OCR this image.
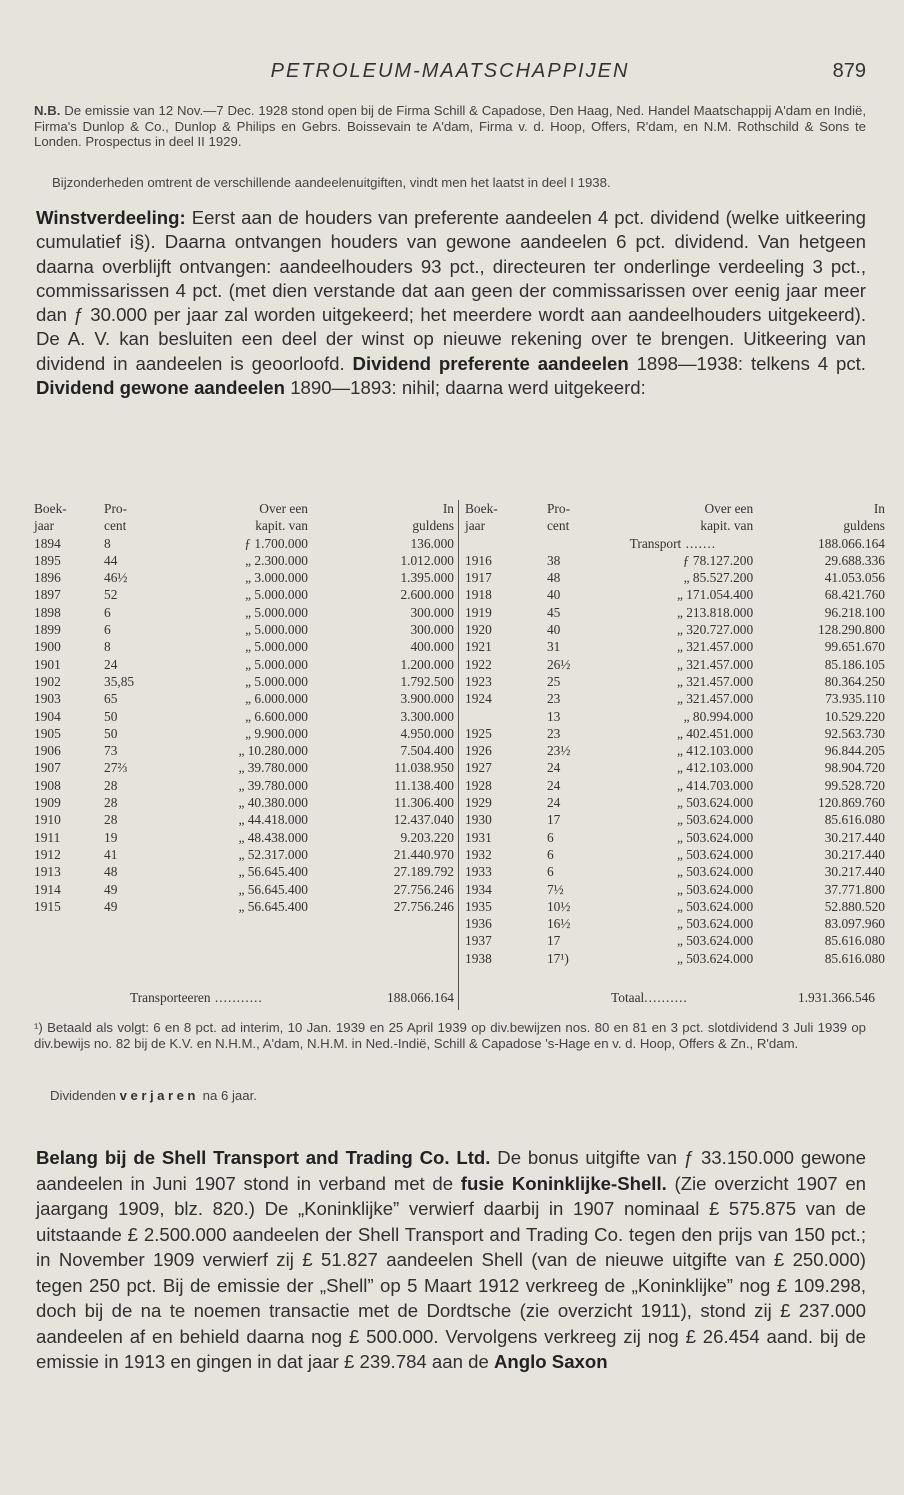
PETROLEUM-MAATSCHAPPIJEN	879

N.B. De emissie van 12 Nov.—7 Dec. 1928 stond open bij de Firma Schill & Capadose, Den Haag, Ned. Handel Maatschappij A'dam en Indië, Firma's Dunlop & Co., Dunlop & Philips en Gebrs. Boissevain te A'dam, Firma v. d. Hoop, Offers, R'dam, en N.M. Rothschild & Sons te Londen. Prospectus in deel II 1929.

Bijzonderheden omtrent de verschillende aandeelenuitgiften, vindt men het laatst in deel I 1938.

Winstverdeeling: Eerst aan de houders van preferente aandeelen 4 pct. dividend (welke uitkeering cumulatief i§). Daarna ontvangen houders van gewone aandeelen 6 pct. dividend. Van hetgeen daarna overblijft ontvangen: aandeelhouders 93 pct., directeuren ter onderlinge verdeeling 3 pct., commissarissen 4 pct. (met dien verstande dat aan geen der commissarissen over eenig jaar meer dan ƒ 30.000 per jaar zal worden uitgekeerd; het meerdere wordt aan aandeelhouders uitgekeerd). De A. V. kan besluiten een deel der winst op nieuwe rekening over te brengen. Uitkeering van dividend in aandeelen is geoorloofd. Dividend preferente aandeelen 1898—1938: telkens 4 pct. Dividend gewone aandeelen 1890—1893: nihil; daarna werd uitgekeerd:

Boek-	Pro-	Over een	In
jaar	cent	kapit. van	guldens
1894	8	ƒ 1.700.000	136.000
1895	44	„ 2.300.000	1.012.000
1896	46½	„ 3.000.000	1.395.000
1897	52	„ 5.000.000	2.600.000
1898	6	„ 5.000.000	300.000
1899	6	„ 5.000.000	300.000
1900	8	„ 5.000.000	400.000
1901	24	„ 5.000.000	1.200.000
1902	35,85	„ 5.000.000	1.792.500
1903	65	„ 6.000.000	3.900.000
1904	50	„ 6.600.000	3.300.000
1905	50	„ 9.900.000	4.950.000
1906	73	„ 10.280.000	7.504.400
1907	27⅔	„ 39.780.000	11.038.950
1908	28	„ 39.780.000	11.138.400
1909	28	„ 40.380.000	11.306.400
1910	28	„ 44.418.000	12.437.040
1911	19	„ 48.438.000	9.203.220
1912	41	„ 52.317.000	21.440.970
1913	48	„ 56.645.400	27.189.792
1914	49	„ 56.645.400	27.756.246
1915	49	„ 56.645.400	27.756.246
Transporteeren ...........	188.066.164
Boek-	Pro-	Over een	In
jaar	cent	kapit. van	guldens
		Transport .......	188.066.164
1916	38	ƒ 78.127.200	29.688.336
1917	48	„ 85.527.200	41.053.056
1918	40	„ 171.054.400	68.421.760
1919	45	„ 213.818.000	96.218.100
1920	40	„ 320.727.000	128.290.800
1921	31	„ 321.457.000	99.651.670
1922	26½	„ 321.457.000	85.186.105
1923	25	„ 321.457.000	80.364.250
1924	23	„ 321.457.000	73.935.110
	13	„ 80.994.000	10.529.220
1925	23	„ 402.451.000	92.563.730
1926	23½	„ 412.103.000	96.844.205
1927	24	„ 412.103.000	98.904.720
1928	24	„ 414.703.000	99.528.720
1929	24	„ 503.624.000	120.869.760
1930	17	„ 503.624.000	85.616.080
1931	6	„ 503.624.000	30.217.440
1932	6	„ 503.624.000	30.217.440
1933	6	„ 503.624.000	30.217.440
1934	7½	„ 503.624.000	37.771.800
1935	10½	„ 503.624.000	52.880.520
1936	16½	„ 503.624.000	83.097.960
1937	17	„ 503.624.000	85.616.080
1938	17¹)	„ 503.624.000	85.616.080
Totaal..........	1.931.366.546

¹) Betaald als volgt: 6 en 8 pct. ad interim, 10 Jan. 1939 en 25 April 1939 op div.bewijzen nos. 80 en 81 en 3 pct. slotdividend 3 Juli 1939 op div.bewijs no. 82 bij de K.V. en N.H.M., A'dam, N.H.M. in Ned.-Indië, Schill & Capadose 's-Hage en v. d. Hoop, Offers & Zn., R'dam.

Dividenden verjaren na 6 jaar.

Belang bij de Shell Transport and Trading Co. Ltd. De bonus uitgifte van ƒ 33.150.000 gewone aandeelen in Juni 1907 stond in verband met de fusie Koninklijke-Shell. (Zie overzicht 1907 en jaargang 1909, blz. 820.) De „Koninklijke” verwierf daarbij in 1907 nominaal £ 575.875 van de uitstaande £ 2.500.000 aandeelen der Shell Transport and Trading Co. tegen den prijs van 150 pct.; in November 1909 verwierf zij £ 51.827 aandeelen Shell (van de nieuwe uitgifte van £ 250.000) tegen 250 pct. Bij de emissie der „Shell” op 5 Maart 1912 verkreeg de „Koninklijke” nog £ 109.298, doch bij de na te noemen transactie met de Dordtsche (zie overzicht 1911), stond zij £ 237.000 aandeelen af en behield daarna nog £ 500.000. Vervolgens verkreeg zij nog £ 26.454 aand. bij de emissie in 1913 en gingen in dat jaar £ 239.784 aan de Anglo Saxon
